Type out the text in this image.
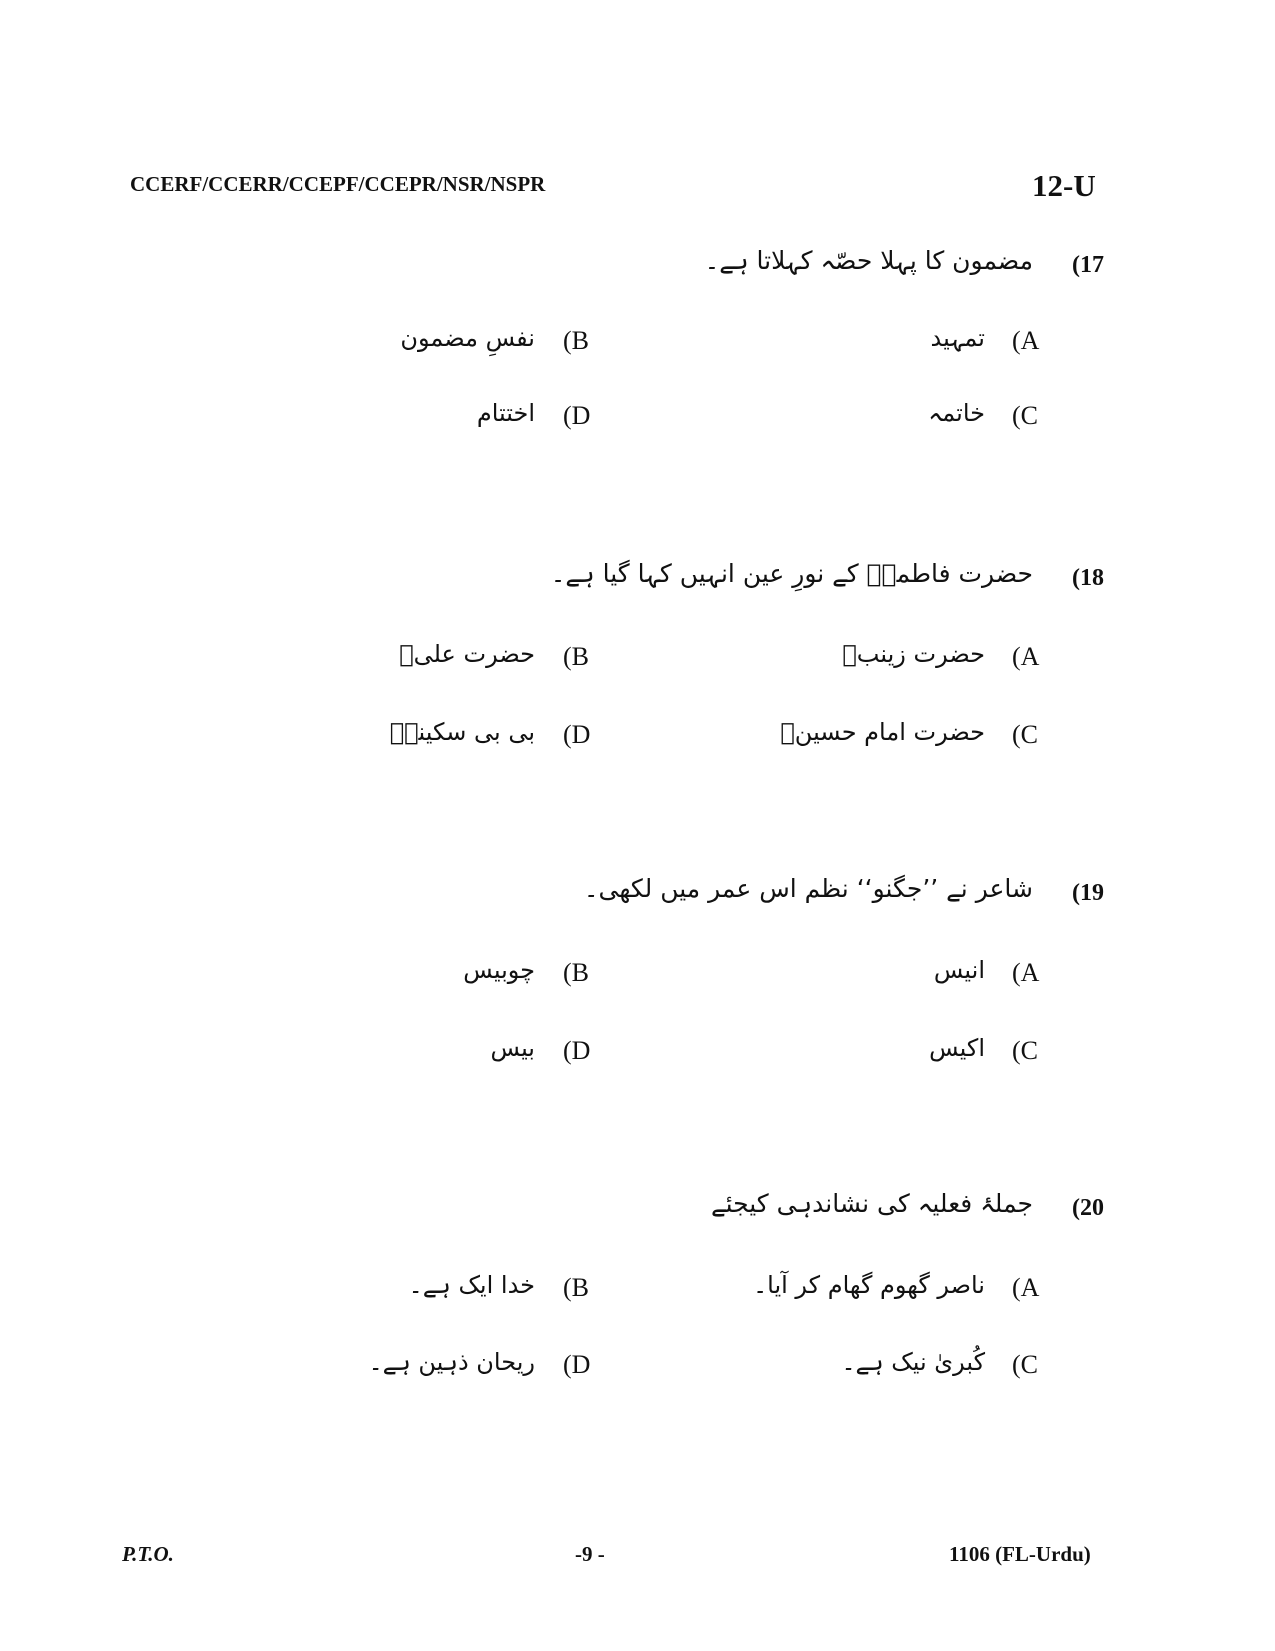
CCERF/CCERR/CCEPF/CCEPR/NSR/NSPR	12-U
(17
مضمون کا پہلا حصّہ کہلاتا ہے۔
(A
تمہید
(B
نفسِ مضمون
(C
خاتمہ
(D
اختتام
(18
حضرت فاطمہؓ کے نورِ عین انہیں کہا گیا ہے۔
(A
حضرت زینبؓ
(B
حضرت علیؓ
(C
حضرت امام حسینؓ
(D
بی بی سکینہؓ
(19
شاعر نے ’’جگنو‘‘ نظم اس عمر میں لکھی۔
(A
انیس
(B
چوبیس
(C
اکیس
(D
بیس
(20
جملۂ فعلیہ کی نشاندہی کیجئے
(A
ناصر گھوم گھام کر آیا۔
(B
خدا ایک ہے۔
(C
کُبریٰ نیک ہے۔
(D
ریحان ذہین ہے۔
P.T.O.	-9 -	1106 (FL-Urdu)
